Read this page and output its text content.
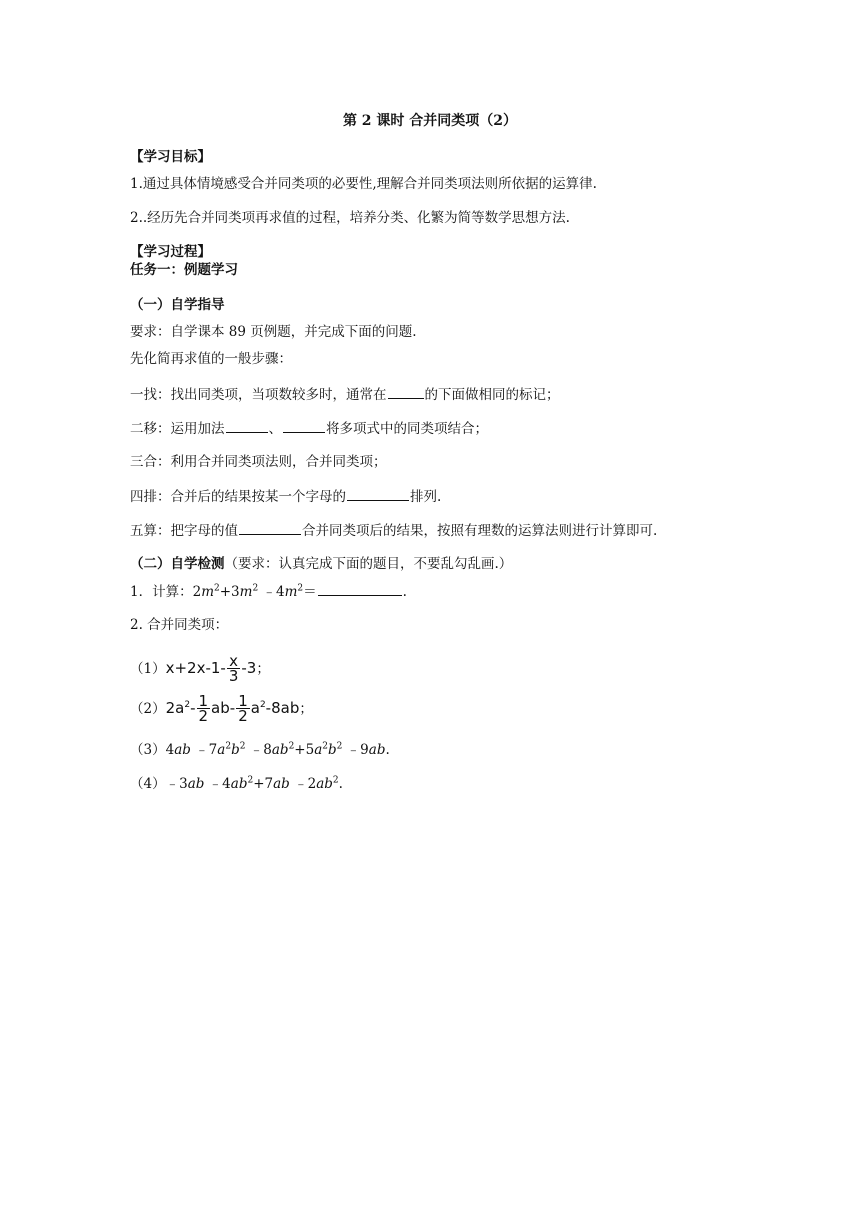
第 2 课时 合并同类项（2）
【学习目标】
1.通过具体情境感受合并同类项的必要性,理解合并同类项法则所依据的运算律.
2..经历先合并同类项再求值的过程，培养分类、化繁为简等数学思想方法.
【学习过程】
任务一：例题学习
（一）自学指导
要求：自学课本 89 页例题，并完成下面的问题.
先化简再求值的一般步骤：
一找：找出同类项，当项数较多时，通常在	的下面做相同的标记；
二移：运用加法	、	将多项式中的同类项结合；
三合：利用合并同类项法则，合并同类项；
四排：合并后的结果按某一个字母的	排列.
五算：把字母的值	合并同类项后的结果，按照有理数的运算法则进行计算即可.
（二）自学检测（要求：认真完成下面的题目，不要乱勾乱画.）
1．计算：$2m^2+3m^2$ $﹣4m^2=$	.
2. 合并同类项：
$(1)x+2x-1- \frac{x}{3} -3$；
$(2)2a^2- \frac{1}{2} ab- \frac{1}{2} a^2-8ab$；
（3）4ab $﹣7a^2b^2$ $﹣8ab^2+5a^2b^2$ ﹣9ab.
（4）﹣3ab $﹣4ab^2+7ab$ $﹣2ab^2$.
